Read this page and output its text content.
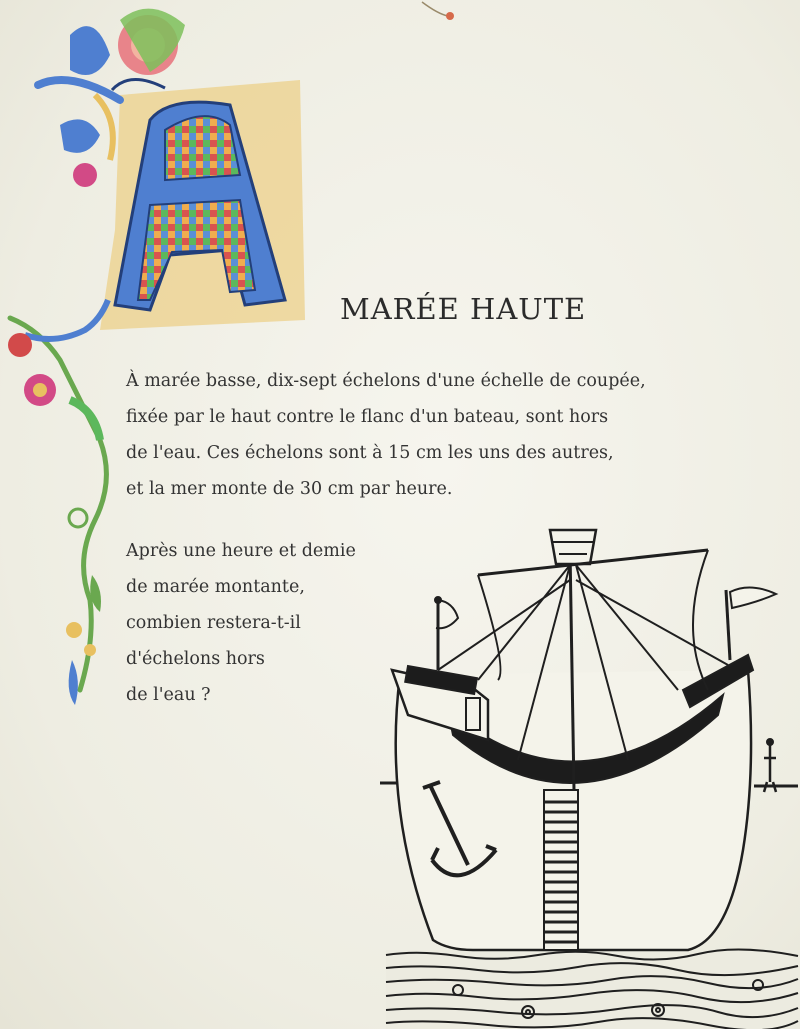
MARÉE HAUTE

À marée basse, dix-sept échelons d'une échelle de coupée,
fixée par le haut contre le flanc d'un bateau, sont hors
de l'eau. Ces échelons sont à 15 cm les uns des autres,
et la mer monte de 30 cm par heure.

Après une heure et demie
de marée montante,
combien restera-t-il
d'échelons hors
de l'eau ?
